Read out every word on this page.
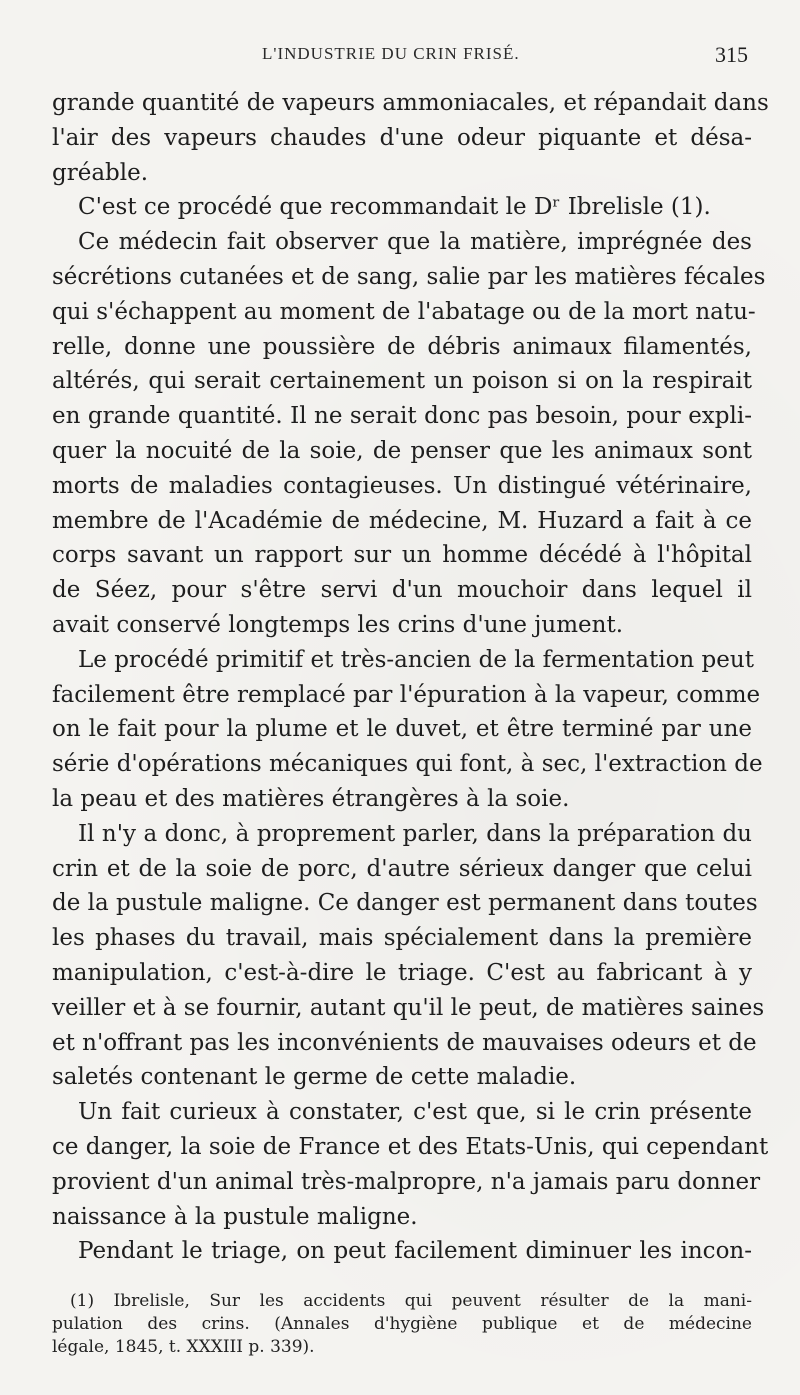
L'INDUSTRIE DU CRIN FRISÉ.	315
grande quantité de vapeurs ammoniacales, et répandait dans
l'air des vapeurs chaudes d'une odeur piquante et désa-
gréable.
C'est ce procédé que recommandait le Dʳ Ibrelisle (1).
Ce médecin fait observer que la matière, imprégnée des
sécrétions cutanées et de sang, salie par les matières fécales
qui s'échappent au moment de l'abatage ou de la mort natu-
relle, donne une poussière de débris animaux filamentés,
altérés, qui serait certainement un poison si on la respirait
en grande quantité. Il ne serait donc pas besoin, pour expli-
quer la nocuité de la soie, de penser que les animaux sont
morts de maladies contagieuses. Un distingué vétérinaire,
membre de l'Académie de médecine, M. Huzard a fait à ce
corps savant un rapport sur un homme décédé à l'hôpital
de Séez, pour s'être servi d'un mouchoir dans lequel il
avait conservé longtemps les crins d'une jument.
Le procédé primitif et très-ancien de la fermentation peut
facilement être remplacé par l'épuration à la vapeur, comme
on le fait pour la plume et le duvet, et être terminé par une
série d'opérations mécaniques qui font, à sec, l'extraction de
la peau et des matières étrangères à la soie.
Il n'y a donc, à proprement parler, dans la préparation du
crin et de la soie de porc, d'autre sérieux danger que celui
de la pustule maligne. Ce danger est permanent dans toutes
les phases du travail, mais spécialement dans la première
manipulation, c'est-à-dire le triage. C'est au fabricant à y
veiller et à se fournir, autant qu'il le peut, de matières saines
et n'offrant pas les inconvénients de mauvaises odeurs et de
saletés contenant le germe de cette maladie.
Un fait curieux à constater, c'est que, si le crin présente
ce danger, la soie de France et des Etats-Unis, qui cependant
provient d'un animal très-malpropre, n'a jamais paru donner
naissance à la pustule maligne.
Pendant le triage, on peut facilement diminuer les incon-
(1) Ibrelisle, Sur les accidents qui peuvent résulter de la mani-
pulation des crins. (Annales d'hygiène publique et de médecine
légale, 1845, t. XXXIII p. 339).
